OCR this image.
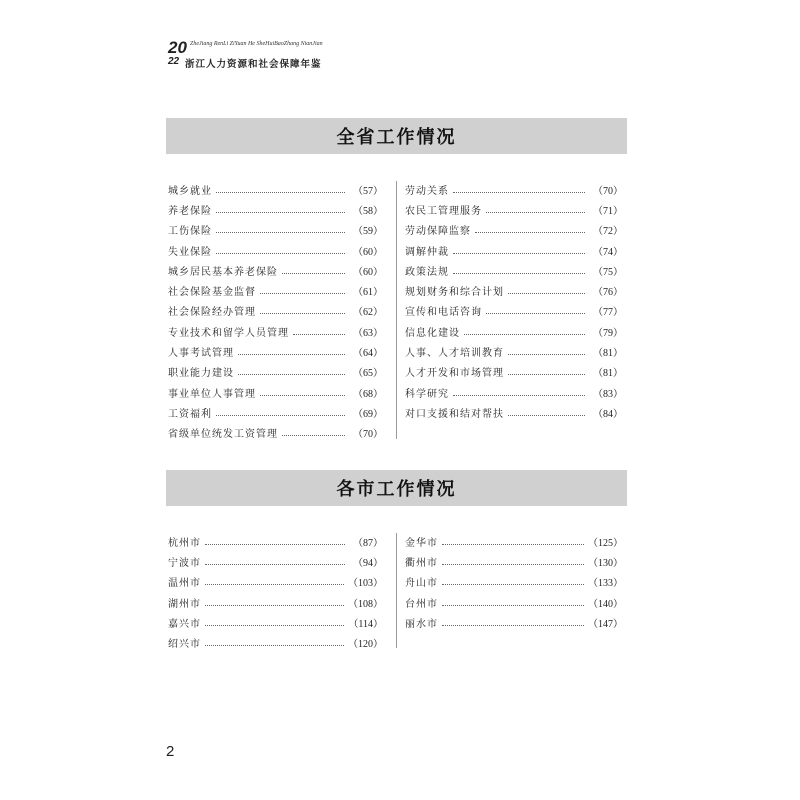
20 ZheJiang RenLi ZiYuan He SheHuiBaoZhang NianJian
22 浙江人力资源和社会保障年鉴
全省工作情况
城乡就业	（57）
养老保险	（58）
工伤保险	（59）
失业保险	（60）
城乡居民基本养老保险	（60）
社会保险基金监督	（61）
社会保险经办管理	（62）
专业技术和留学人员管理	（63）
人事考试管理	（64）
职业能力建设	（65）
事业单位人事管理	（68）
工资福利	（69）
省级单位统发工资管理	（70）
劳动关系	（70）
农民工管理服务	（71）
劳动保障监察	（72）
调解仲裁	（74）
政策法规	（75）
规划财务和综合计划	（76）
宣传和电话咨询	（77）
信息化建设	（79）
人事、人才培训教育	（81）
人才开发和市场管理	（81）
科学研究	（83）
对口支援和结对帮扶	（84）
各市工作情况
杭州市	（87）
宁波市	（94）
温州市	（103）
湖州市	（108）
嘉兴市	（114）
绍兴市	（120）
金华市	（125）
衢州市	（130）
舟山市	（133）
台州市	（140）
丽水市	（147）
2
